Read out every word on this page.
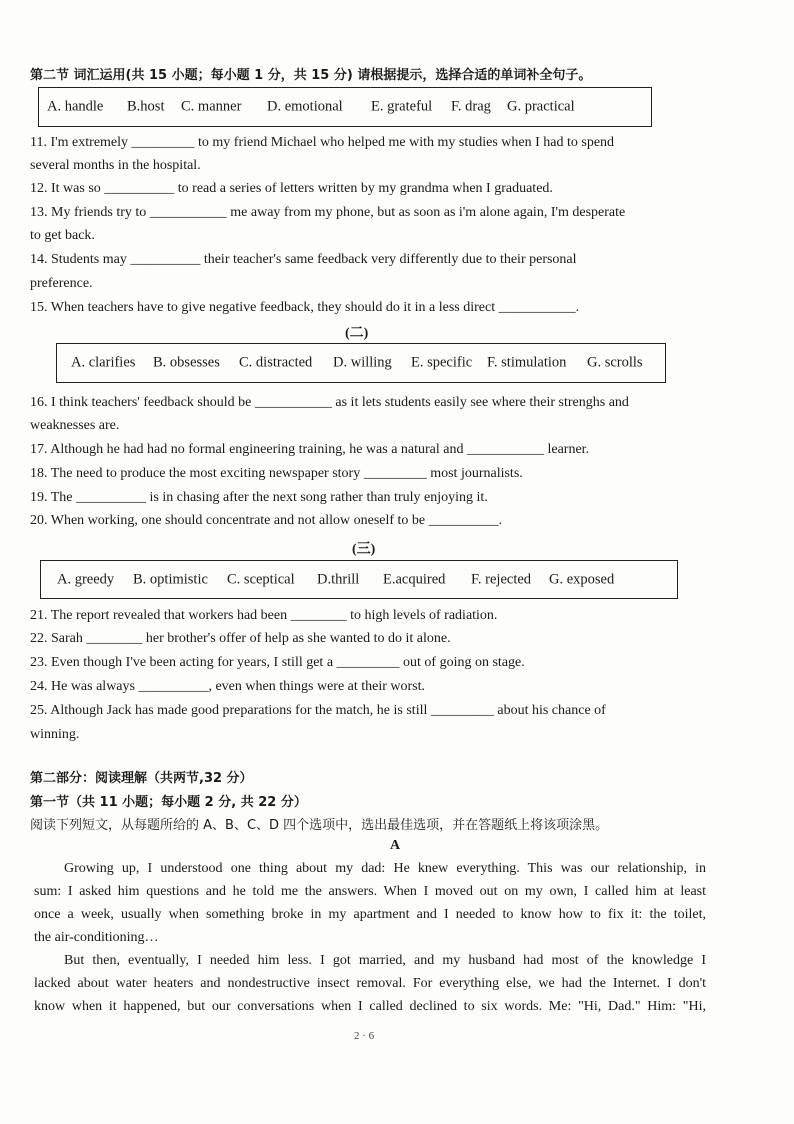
第二节 词汇运用(共 15 小题；每小题 1 分，共 15 分) 请根据提示，选择合适的单词补全句子。
A. handle B.host C. manner D. emotional E. grateful F. drag G. practical
11. I'm extremely _________ to my friend Michael who helped me with my studies when I had to spend
several months in the hospital.
12. It was so __________ to read a series of letters written by my grandma when I graduated.
13. My friends try to ___________ me away from my phone, but as soon as i'm alone again, I'm desperate
to get back.
14. Students may __________ their teacher's same feedback very differently due to their personal
preference.
15. When teachers have to give negative feedback, they should do it in a less direct ___________.
(二)
A. clarifies B. obsesses C. distracted D. willing E. specific F. stimulation G. scrolls
16. I think teachers' feedback should be ___________ as it lets students easily see where their strenghs and
weaknesses are.
17. Although he had had no formal engineering training, he was a natural and ___________ learner.
18. The need to produce the most exciting newspaper story _________ most journalists.
19. The __________ is in chasing after the next song rather than truly enjoying it.
20. When working, one should concentrate and not allow oneself to be __________.
(三)
A. greedy B. optimistic C. sceptical D.thrill E.acquired F. rejected G. exposed
21. The report revealed that workers had been ________ to high levels of radiation.
22. Sarah ________ her brother's offer of help as she wanted to do it alone.
23. Even though I've been acting for years, I still get a _________ out of going on stage.
24. He was always __________, even when things were at their worst.
25. Although Jack has made good preparations for the match, he is still _________ about his chance of
winning.
第二部分：阅读理解（共两节,32 分）
第一节（共 11 小题；每小题 2 分, 共 22 分）
阅读下列短文，从每题所给的 A、B、C、D 四个选项中，选出最佳选项，并在答题纸上将该项涂黑。
A
Growing up, I understood one thing about my dad: He knew everything. This was our relationship, in
sum: I asked him questions and he told me the answers. When I moved out on my own, I called him at least
once a week, usually when something broke in my apartment and I needed to know how to fix it: the toilet,
the air-conditioning…
But then, eventually, I needed him less. I got married, and my husband had most of the knowledge I
lacked about water heaters and nondestructive insect removal. For everything else, we had the Internet. I don't
know when it happened, but our conversations when I called declined to six words. Me: "Hi, Dad." Him: "Hi,
2 · 6
